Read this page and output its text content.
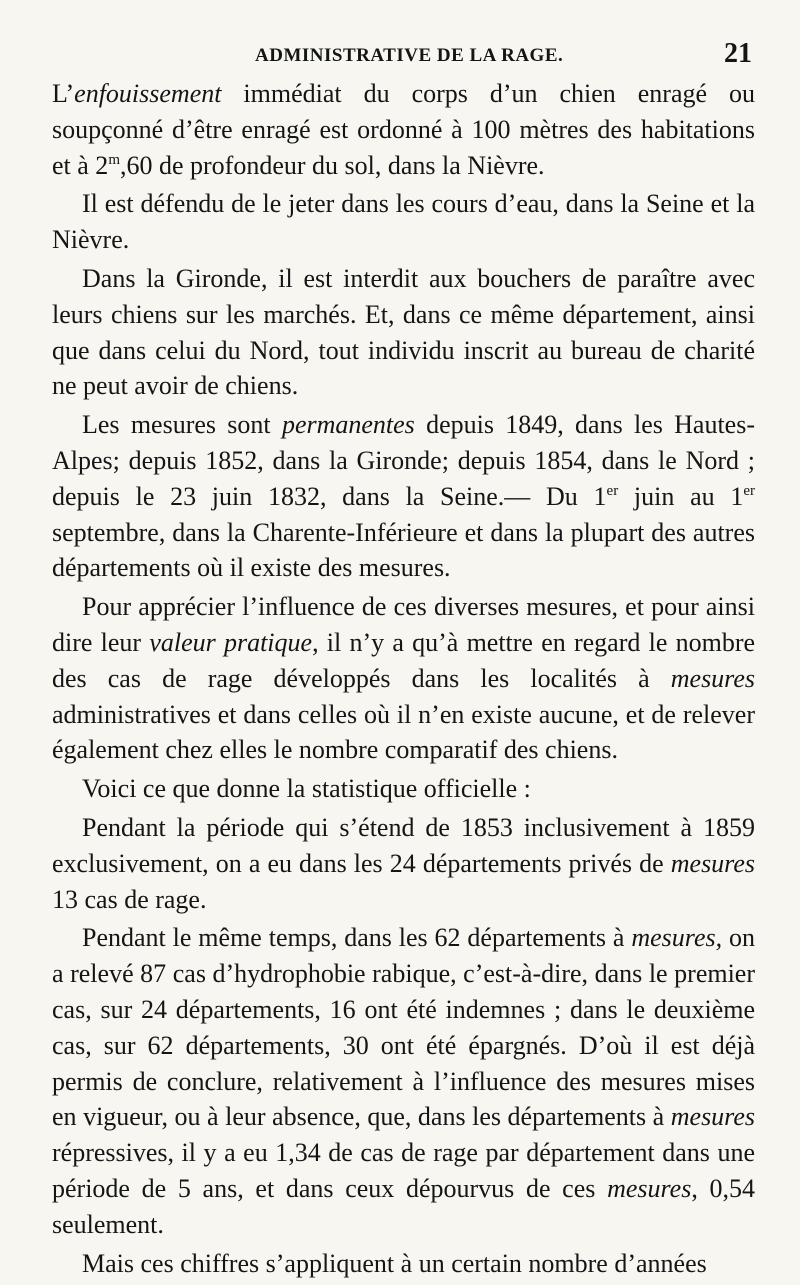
ADMINISTRATIVE DE LA RAGE.	21

L’enfouissement immédiat du corps d’un chien enragé ou soupçonné d’être enragé est ordonné à 100 mètres des habitations et à 2$^m$,60 de profondeur du sol, dans la Nièvre.

Il est défendu de le jeter dans les cours d’eau, dans la Seine et la Nièvre.

Dans la Gironde, il est interdit aux bouchers de paraître avec leurs chiens sur les marchés. Et, dans ce même département, ainsi que dans celui du Nord, tout individu inscrit au bureau de charité ne peut avoir de chiens.

Les mesures sont permanentes depuis 1849, dans les Hautes-Alpes; depuis 1852, dans la Gironde; depuis 1854, dans le Nord ; depuis le 23 juin 1832, dans la Seine.— Du 1er juin au 1er septembre, dans la Charente-Inférieure et dans la plupart des autres départements où il existe des mesures.

Pour apprécier l’influence de ces diverses mesures, et pour ainsi dire leur valeur pratique, il n’y a qu’à mettre en regard le nombre des cas de rage développés dans les localités à mesures administratives et dans celles où il n’en existe aucune, et de relever également chez elles le nombre comparatif des chiens.

Voici ce que donne la statistique officielle :

Pendant la période qui s’étend de 1853 inclusivement à 1859 exclusivement, on a eu dans les 24 départements privés de mesures 13 cas de rage.

Pendant le même temps, dans les 62 départements à mesures, on a relevé 87 cas d’hydrophobie rabique, c’est-à-dire, dans le premier cas, sur 24 départements, 16 ont été indemnes ; dans le deuxième cas, sur 62 départements, 30 ont été épargnés. D’où il est déjà permis de conclure, relativement à l’influence des mesures mises en vigueur, ou à leur absence, que, dans les départements à mesures répressives, il y a eu 1,34 de cas de rage par département dans une période de 5 ans, et dans ceux dépourvus de ces mesures, 0,54 seulement.

Mais ces chiffres s’appliquent à un certain nombre d’années
